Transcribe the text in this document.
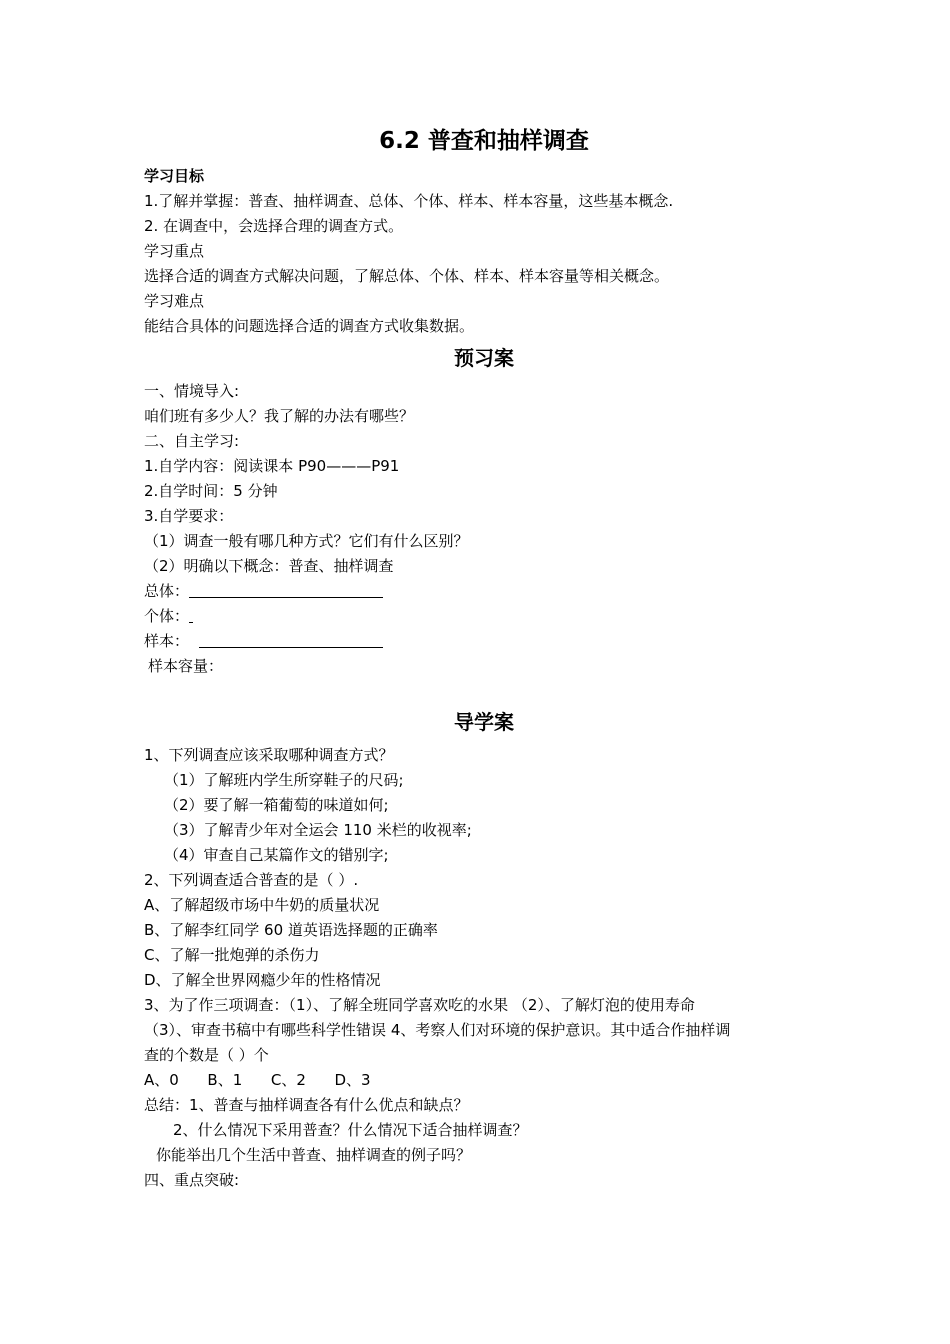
6.2 普查和抽样调查
学习目标
1.了解并掌握：普查、抽样调查、总体、个体、样本、样本容量，这些基本概念.
2. 在调查中，会选择合理的调查方式。
学习重点
选择合适的调查方式解决问题，了解总体、个体、样本、样本容量等相关概念。
学习难点
能结合具体的问题选择合适的调查方式收集数据。
预习案
一、情境导入:
咱们班有多少人？我了解的办法有哪些？
二、自主学习:
1.自学内容：阅读课本 P90———P91
2.自学时间：5 分钟
3.自学要求：
（1）调查一般有哪几种方式？它们有什么区别？
（2）明确以下概念：普查、抽样调查
总体：
个体：
样本：
样本容量：
导学案
1、下列调查应该采取哪种调查方式？
（1）了解班内学生所穿鞋子的尺码;
（2）要了解一箱葡萄的味道如何;
（3）了解青少年对全运会 110 米栏的收视率;
（4）审查自己某篇作文的错别字;
2、下列调查适合普查的是（ ）.
A、了解超级市场中牛奶的质量状况
B、了解李红同学 60 道英语选择题的正确率
C、了解一批炮弹的杀伤力
D、了解全世界网瘾少年的性格情况
3、为了作三项调查：（1）、了解全班同学喜欢吃的水果 （2）、了解灯泡的使用寿命
（3）、审查书稿中有哪些科学性错误 4、考察人们对环境的保护意识。其中适合作抽样调
查的个数是（ ）个
A、0      B、1      C、2      D、3
总结：1、普查与抽样调查各有什么优点和缺点？
2、什么情况下采用普查？什么情况下适合抽样调查？
你能举出几个生活中普查、抽样调查的例子吗？
四、重点突破:
